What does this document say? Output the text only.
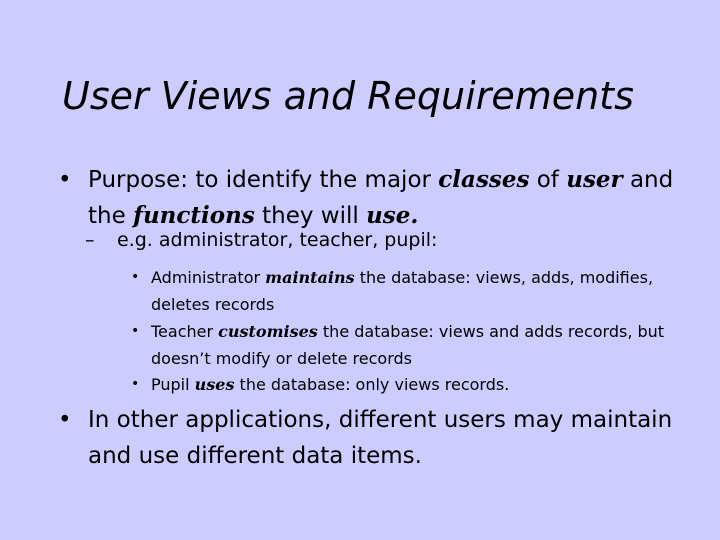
User Views and Requirements
• Purpose: to identify the major classes of user and the functions they will use.
– e.g. administrator, teacher, pupil:
• Administrator maintains the database: views, adds, modifies, deletes records
• Teacher customises the database: views and adds records, but doesn’t modify or delete records
• Pupil uses the database: only views records.
• In other applications, different users may maintain and use different data items.
